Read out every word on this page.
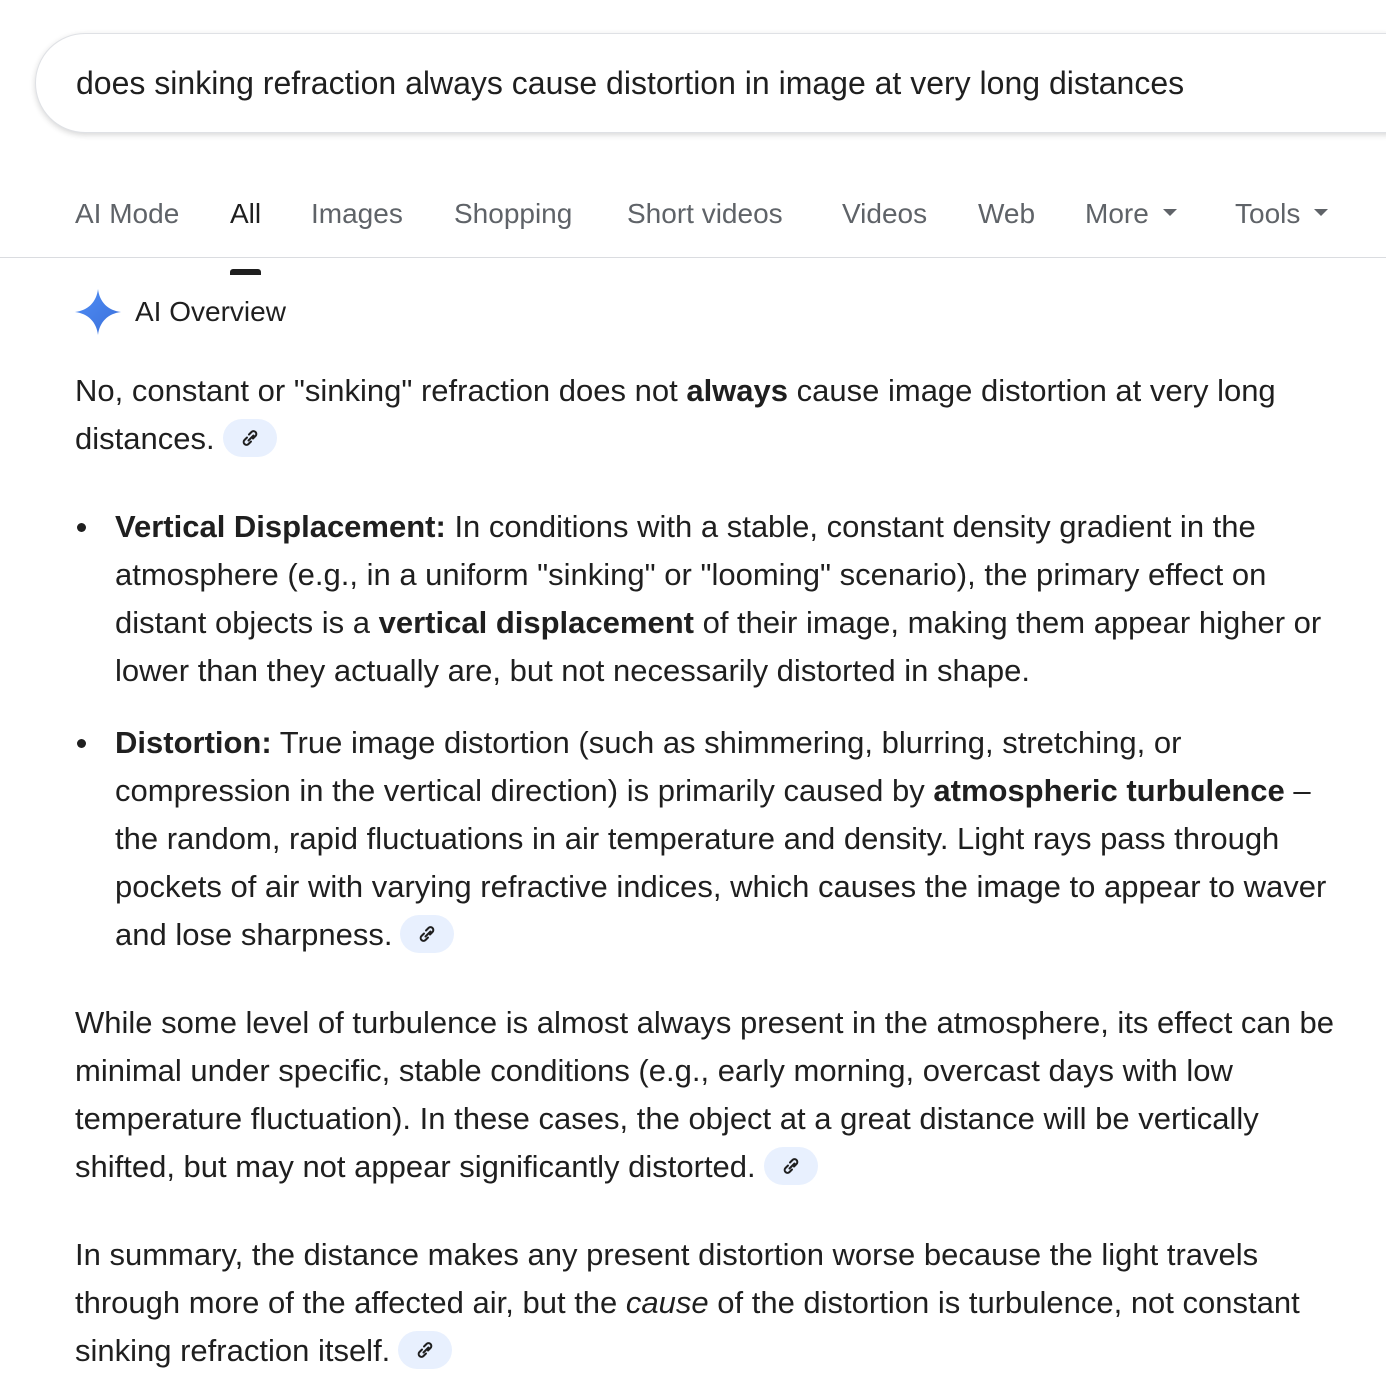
does sinking refraction always cause distortion in image at very long distances
AI Mode All Images Shopping Short videos Videos Web More	Tools
AI Overview

No, constant or "sinking" refraction does not always cause image distortion at very long distances.

Vertical Displacement: In conditions with a stable, constant density gradient in the atmosphere (e.g., in a uniform "sinking" or "looming" scenario), the primary effect on distant objects is a vertical displacement of their image, making them appear higher or lower than they actually are, but not necessarily distorted in shape.
Distortion: True image distortion (such as shimmering, blurring, stretching, or compression in the vertical direction) is primarily caused by atmospheric turbulence – the random, rapid fluctuations in air temperature and density. Light rays pass through pockets of air with varying refractive indices, which causes the image to appear to waver and lose sharpness.

While some level of turbulence is almost always present in the atmosphere, its effect can be minimal under specific, stable conditions (e.g., early morning, overcast days with low temperature fluctuation). In these cases, the object at a great distance will be vertically shifted, but may not appear significantly distorted.

In summary, the distance makes any present distortion worse because the light travels through more of the affected air, but the cause of the distortion is turbulence, not constant sinking refraction itself.
